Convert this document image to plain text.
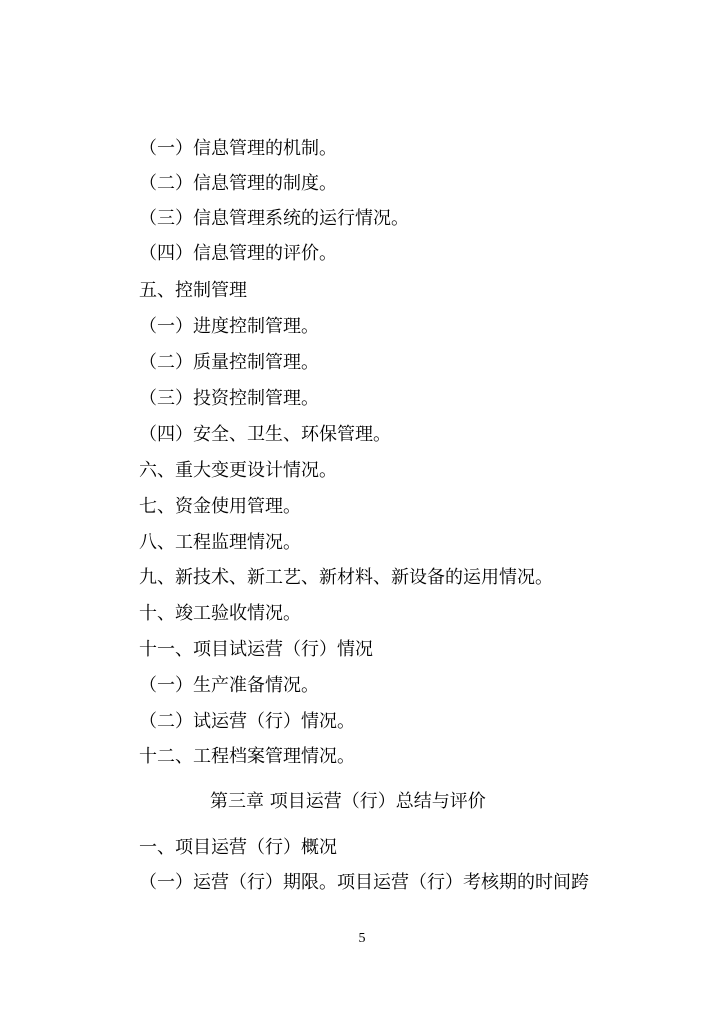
（一）信息管理的机制。
（二）信息管理的制度。
（三）信息管理系统的运行情况。
（四）信息管理的评价。
五、控制管理
（一）进度控制管理。
（二）质量控制管理。
（三）投资控制管理。
（四）安全、卫生、环保管理。
六、重大变更设计情况。
七、资金使用管理。
八、工程监理情况。
九、新技术、新工艺、新材料、新设备的运用情况。
十、竣工验收情况。
十一、项目试运营（行）情况
（一）生产准备情况。
（二）试运营（行）情况。
十二、工程档案管理情况。
第三章 项目运营（行）总结与评价
一、项目运营（行）概况
（一）运营（行）期限。项目运营（行）考核期的时间跨
5
